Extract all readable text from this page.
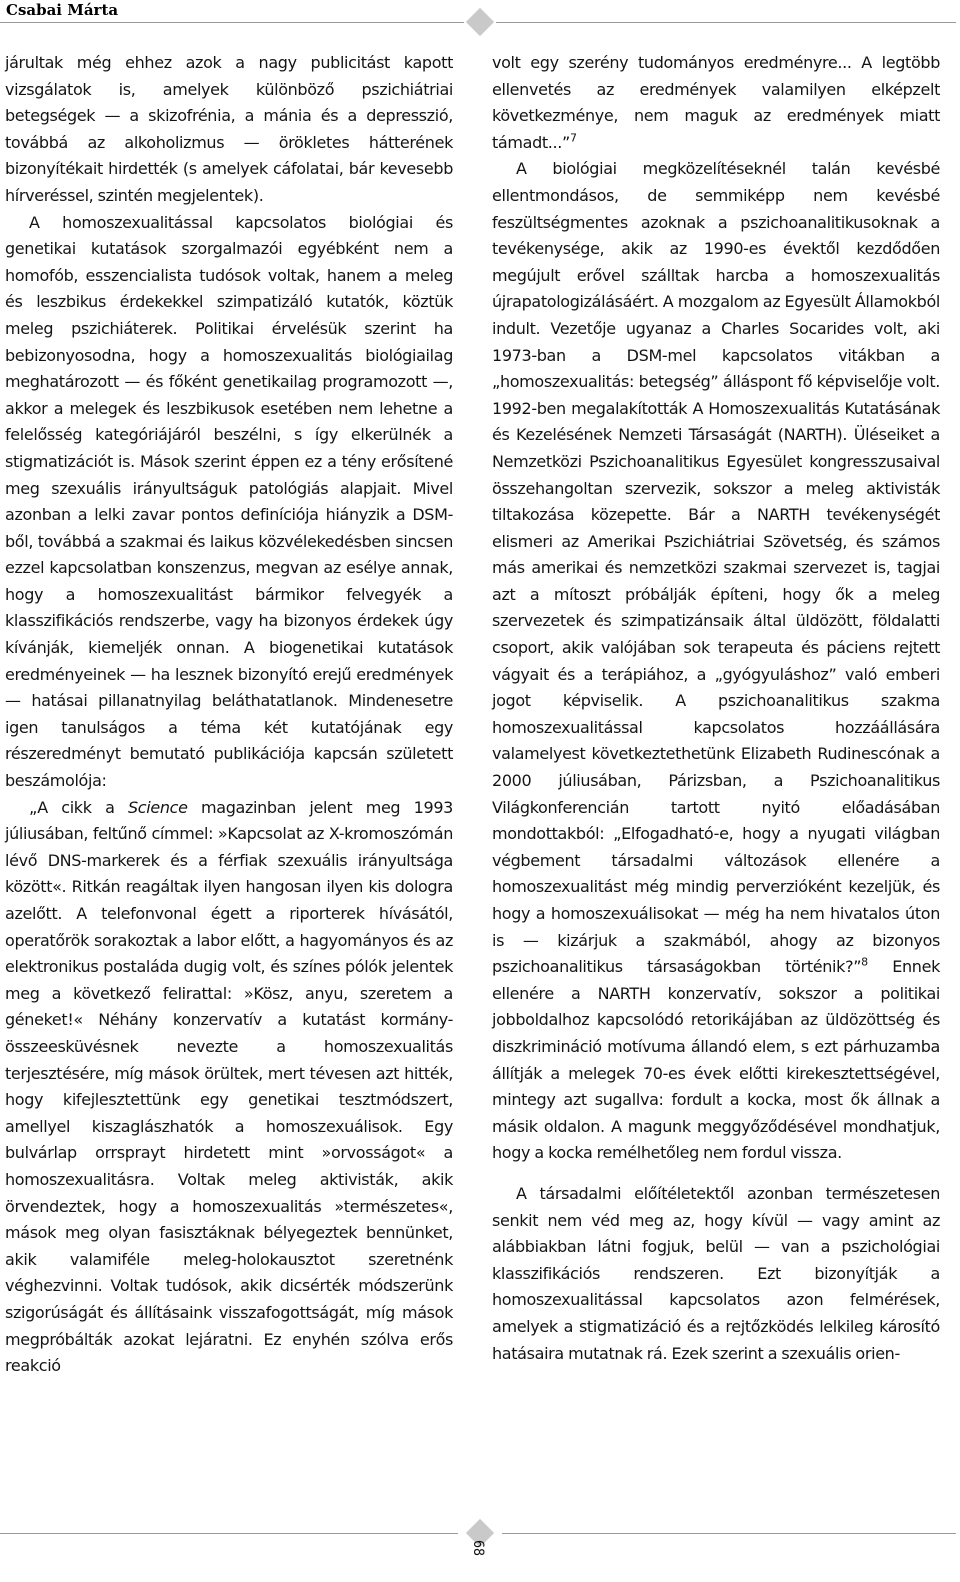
Csabai Márta

járultak még ehhez azok a nagy publicitást kapott vizsgálatok is, amelyek különböző pszichiátriai betegségek — a skizofrénia, a mánia és a depresszió, továbbá az alkoholizmus — örökletes hátterének bizonyítékait hirdették (s amelyek cáfolatai, bár kevesebb hírveréssel, szintén megjelentek).

A homoszexualitással kapcsolatos biológiai és genetikai kutatások szorgalmazói egyébként nem a homofób, esszencialista tudósok voltak, hanem a meleg és leszbikus érdekekkel szimpatizáló kutatók, köztük meleg pszichiáterek. Politikai érvelésük szerint ha bebizonyosodna, hogy a homoszexualitás biológiailag meghatározott — és főként genetikailag programozott —, akkor a melegek és leszbikusok esetében nem lehetne a felelősség kategóriájáról beszélni, s így elkerülnék a stigmatizációt is. Mások szerint éppen ez a tény erősítené meg szexuális irányultságuk patológiás alapjait. Mivel azonban a lelki zavar pontos definíciója hiányzik a DSM-ből, továbbá a szakmai és laikus közvélekedésben sincsen ezzel kapcsolatban konszenzus, megvan az esélye annak, hogy a homoszexualitást bármikor felvegyék a klasszifikációs rendszerbe, vagy ha bizonyos érdekek úgy kívánják, kiemeljék onnan. A biogenetikai kutatások eredményeinek — ha lesznek bizonyító erejű eredmények — hatásai pillanatnyilag beláthatatlanok. Mindenesetre igen tanulságos a téma két kutatójának egy részeredményt bemutató publikációja kapcsán született beszámolója:

„A cikk a Science magazinban jelent meg 1993 júliusában, feltűnő címmel: »Kapcsolat az X-kromoszómán lévő DNS-markerek és a férfiak szexuális irányultsága között«. Ritkán reagáltak ilyen hangosan ilyen kis dologra azelőtt. A telefonvonal égett a riporterek hívásától, operatőrök sorakoztak a labor előtt, a hagyományos és az elektronikus postaláda dugig volt, és színes pólók jelentek meg a következő felirattal: »Kösz, anyu, szeretem a géneket!« Néhány konzervatív a kutatást kormány-összeesküvésnek nevezte a homoszexualitás terjesztésére, míg mások örültek, mert tévesen azt hitték, hogy kifejlesztettünk egy genetikai tesztmódszert, amellyel kiszaglászhatók a homoszexuálisok. Egy bulvárlap orrsprayt hirdetett mint »orvosságot« a homoszexualitásra. Voltak meleg aktivisták, akik örvendeztek, hogy a homoszexualitás »természetes«, mások meg olyan fasisztáknak bélyegeztek bennünket, akik valamiféle meleg-holokausztot szeretnénk véghezvinni. Voltak tudósok, akik dicsérték módszerünk szigorúságát és állításaink visszafogottságát, míg mások megpróbálták azokat lejáratni. Ez enyhén szólva erős reakció

volt egy szerény tudományos eredményre... A legtöbb ellenvetés az eredmények valamilyen elképzelt következménye, nem maguk az eredmények miatt támadt...”$^7$

A biológiai megközelítéseknél talán kevésbé ellentmondásos, de semmiképp nem kevésbé feszültségmentes azoknak a pszichoanalitikusoknak a tevékenysége, akik az 1990-es évektől kezdődően megújult erővel szálltak harcba a homoszexualitás újrapatologizálásáért. A mozgalom az Egyesült Államokból indult. Vezetője ugyanaz a Charles Socarides volt, aki 1973-ban a DSM-mel kapcsolatos vitákban a „homoszexualitás: betegség” álláspont fő képviselője volt. 1992-ben megalakították A Homoszexualitás Kutatásának és Kezelésének Nemzeti Társaságát (NARTH). Üléseiket a Nemzetközi Pszichoanalitikus Egyesület kongresszusaival összehangoltan szervezik, sokszor a meleg aktivisták tiltakozása közepette. Bár a NARTH tevékenységét elismeri az Amerikai Pszichiátriai Szövetség, és számos más amerikai és nemzetközi szakmai szervezet is, tagjai azt a mítoszt próbálják építeni, hogy ők a meleg szervezetek és szimpatizánsaik által üldözött, földalatti csoport, akik valójában sok terapeuta és páciens rejtett vágyait és a terápiához, a „gyógyuláshoz” való emberi jogot képviselik. A pszichoanalitikus szakma homoszexualitással kapcsolatos hozzáállására valamelyest következtethetünk Elizabeth Rudinescónak a 2000 júliusában, Párizsban, a Pszichoanalitikus Világkonferencián tartott nyitó előadásában mondottakból: „Elfogadható-e, hogy a nyugati világban végbement társadalmi változások ellenére a homoszexualitást még mindig perverzióként kezeljük, és hogy a homoszexuálisokat — még ha nem hivatalos úton is — kizárjuk a szakmából, ahogy az bizonyos pszichoanalitikus társaságokban történik?”$^8$ Ennek ellenére a NARTH konzervatív, sokszor a politikai jobboldalhoz kapcsolódó retorikájában az üldözöttség és diszkrimináció motívuma állandó elem, s ezt párhuzamba állítják a melegek 70-es évek előtti kirekesztettségével, mintegy azt sugallva: fordult a kocka, most ők állnak a másik oldalon. A magunk meggyőződésével mondhatjuk, hogy a kocka remélhetőleg nem fordul vissza.

A társadalmi előítéletektől azonban természetesen senkit nem véd meg az, hogy kívül — vagy amint az alábbiakban látni fogjuk, belül — van a pszichológiai klasszifikációs rendszeren. Ezt bizonyítják a homoszexualitással kapcsolatos azon felmérések, amelyek a stigmatizáció és a rejtőzködés lelkileg károsító hatásaira mutatnak rá. Ezek szerint a szexuális orien-

68
